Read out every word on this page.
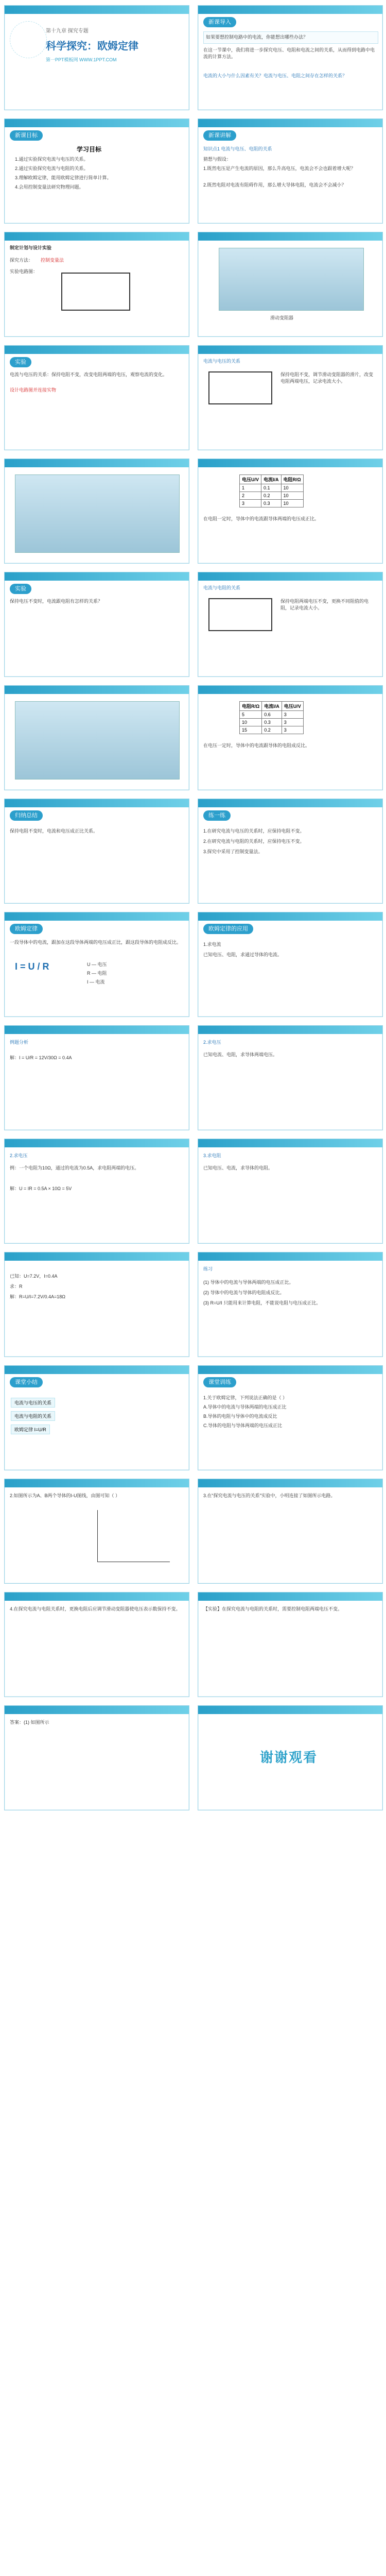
第十九章 探究专题
科学探究：欧姆定律
第一PPT模板网 WWW.1PPT.COM
新课导入
如果要想控制电路中的电流，你能想出哪些办法？
在这一节课中，我们将进一步探究电压、电阻和电流之间的关系，从而得到电路中电流的计算方法。
电流的大小与什么因素有关？电流与电压、电阻之间存在怎样的关系？
新课目标
学习目标
1.通过实验探究电流与电压的关系。
2.通过实验探究电流与电阻的关系。
3.理解欧姆定律，能用欧姆定律进行简单计算。
4.会用控制变量法研究物理问题。
新课讲解
知识点1 电流与电压、电阻的关系
猜想与假设：
1.既然电压是产生电流的原因，那么升高电压，电流会不会也跟着增大呢？
2.既然电阻对电流有阻碍作用，那么增大导体电阻，电流会不会减小？
制定计划与设计实验
探究方法： 控制变量法
实验电路图：
滑动变阻器
实验
电流与电压的关系：保持电阻不变，改变电阻两端的电压，观察电流的变化。
设计电路图并连接实物
电流与电压的关系
保持电阻不变，调节滑动变阻器的滑片，改变电阻两端电压，记录电流大小。
电压U/V	电流I/A	电阻R/Ω
1	0.1	10
2	0.2	10
3	0.3	10
在电阻一定时，导体中的电流跟导体两端的电压成正比。
实验
保持电压不变时，电流跟电阻有怎样的关系？
电流与电阻的关系
保持电阻两端电压不变，更换不同阻值的电阻，记录电流大小。
电阻R/Ω	电流I/A	电压U/V
5	0.6	3
10	0.3	3
15	0.2	3
在电压一定时，导体中的电流跟导体的电阻成反比。
归纳总结
保持电阻不变时，电流和电压成正比关系。
练一练
1.在研究电流与电压的关系时，应保持电阻不变。
2.在研究电流与电阻的关系时，应保持电压不变。
3.探究中采用了控制变量法。
欧姆定律
一段导体中的电流，跟加在这段导体两端的电压成正比，跟这段导体的电阻成反比。
I = U / R	U — 电压
R — 电阻
I — 电流
欧姆定律的应用
1.求电流
已知电压、电阻，求通过导体的电流。
例题分析
解：I = U/R = 12V/30Ω = 0.4A
2.求电压
已知电流、电阻，求导体两端电压。
2.求电压
例：一个电阻为10Ω，通过的电流为0.5A，求电阻两端的电压。
解：U = IR = 0.5A × 10Ω = 5V
3.求电阻
已知电压、电流，求导体的电阻。
已知：U=7.2V，I=0.4A
求：R
解：R=U/I=7.2V/0.4A=18Ω
练习
(1) 导体中的电流与导体两端的电压成正比。
(2) 导体中的电流与导体的电阻成反比。
(3) R=U/I 只能用来计算电阻，不能说电阻与电压成正比。
课堂小结
电流与电压的关系
电流与电阻的关系
欧姆定律 I=U/R
课堂训练
1.关于欧姆定律，下列说法正确的是（ ）
A.导体中的电流与导体两端的电压成正比
B.导体的电阻与导体中的电流成反比
C.导体的电阻与导体两端的电压成正比
2.如图所示为A、B两个导体的I-U图线，由图可知（ ）	3.在“探究电流与电压的关系”实验中，小明连接了如图所示电路。
4.在探究电流与电阻关系时，更换电阻后应调节滑动变阻器使电压表示数保持不变。	【实验】在探究电流与电阻的关系时，需要控制电阻两端电压不变。
答案：(1) 如图所示
谢谢观看
